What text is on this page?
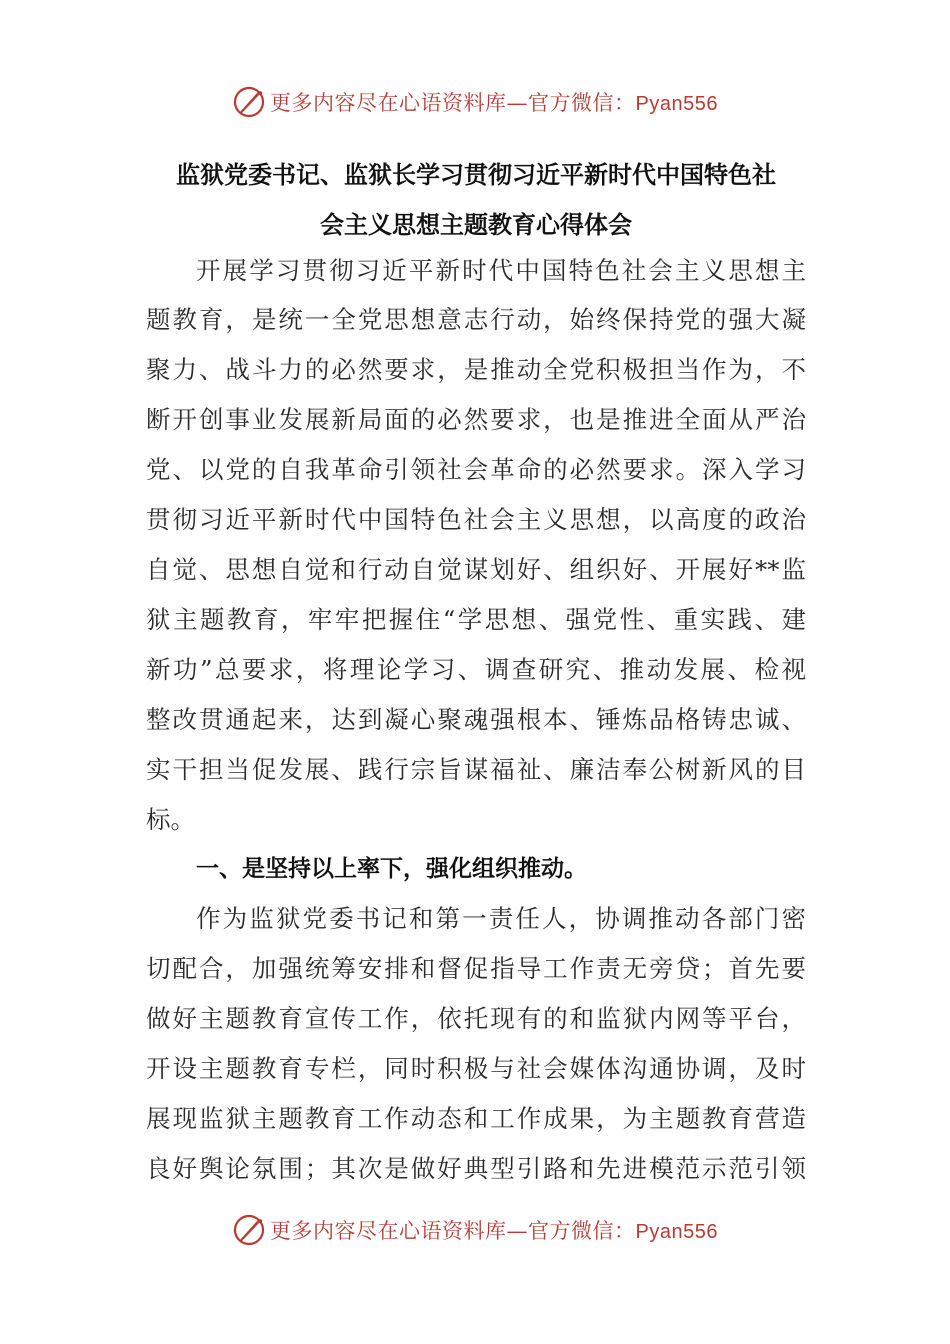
更多内容尽在心语资料库—官方微信：Pyan556
监狱党委书记、监狱长学习贯彻习近平新时代中国特色社
会主义思想主题教育心得体会
开展学习贯彻习近平新时代中国特色社会主义思想主
题教育，是统一全党思想意志行动，始终保持党的强大凝
聚力、战斗力的必然要求，是推动全党积极担当作为，不
断开创事业发展新局面的必然要求，也是推进全面从严治
党、以党的自我革命引领社会革命的必然要求。深入学习
贯彻习近平新时代中国特色社会主义思想，以高度的政治
自觉、思想自觉和行动自觉谋划好、组织好、开展好**监
狱主题教育，牢牢把握住“学思想、强党性、重实践、建
新功”总要求，将理论学习、调查研究、推动发展、检视
整改贯通起来，达到凝心聚魂强根本、锤炼品格铸忠诚、
实干担当促发展、践行宗旨谋福祉、廉洁奉公树新风的目
标。
一、是坚持以上率下，强化组织推动。
作为监狱党委书记和第一责任人，协调推动各部门密
切配合，加强统筹安排和督促指导工作责无旁贷；首先要
做好主题教育宣传工作，依托现有的和监狱内网等平台，
开设主题教育专栏，同时积极与社会媒体沟通协调，及时
展现监狱主题教育工作动态和工作成果，为主题教育营造
良好舆论氛围；其次是做好典型引路和先进模范示范引领
更多内容尽在心语资料库—官方微信：Pyan556
